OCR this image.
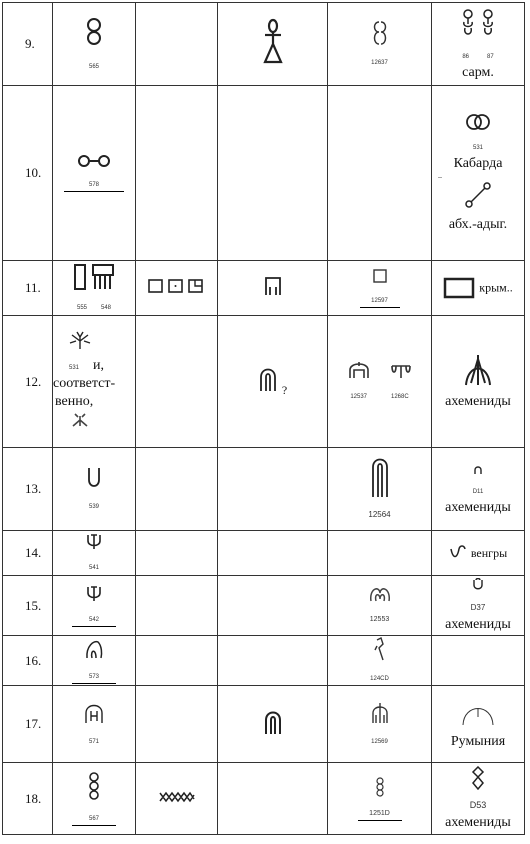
9.	565			12637	86 87
сарм.
10.	578				531
Кабарда

..

абх.-адыг.
11.	555 548			12597	крым..
12.	531 и,
соответст-
венно,		?	12537 1268C	ахемениды
13.	539			12564	D11
ахемениды
14.	541				венгры
15.	542			12553	D37
ахемениды
16.	573			124CD	
17.	571			12569	Румыния
18.	567			1251D	D53
ахемениды
